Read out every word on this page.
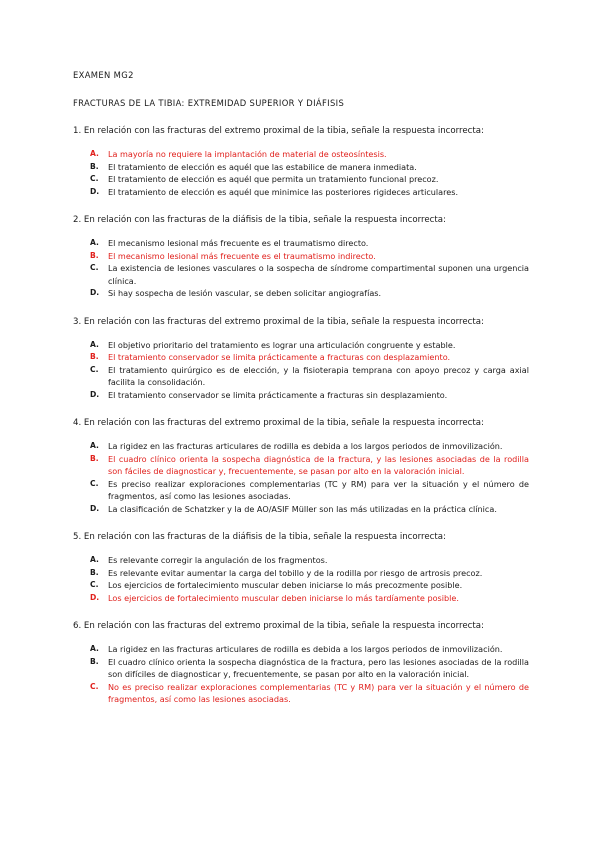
EXAMEN MG2

FRACTURAS DE LA TIBIA: EXTREMIDAD SUPERIOR Y DIÁFISIS

1. En relación con las fracturas del extremo proximal de la tibia, señale la respuesta incorrecta:

A.	La mayoría no requiere la implantación de material de osteosíntesis.
B.	El tratamiento de elección es aquél que las estabilice de manera inmediata.
C.	El tratamiento de elección es aquél que permita un tratamiento funcional precoz.
D.	El tratamiento de elección es aquél que minimice las posteriores rigideces articulares.

2. En relación con las fracturas de la diáfisis de la tibia, señale la respuesta incorrecta:

A.	El mecanismo lesional más frecuente es el traumatismo directo.
B.	El mecanismo lesional más frecuente es el traumatismo indirecto.
C.	La existencia de lesiones vasculares o la sospecha de síndrome compartimental suponen una urgencia clínica.
D.	Si hay sospecha de lesión vascular, se deben solicitar angiografías.

3. En relación con las fracturas del extremo proximal de la tibia, señale la respuesta incorrecta:

A.	El objetivo prioritario del tratamiento es lograr una articulación congruente y estable.
B.	El tratamiento conservador se limita prácticamente a fracturas con desplazamiento.
C.	El tratamiento quirúrgico es de elección, y la fisioterapia temprana con apoyo precoz y carga axial facilita la consolidación.
D.	El tratamiento conservador se limita prácticamente a fracturas sin desplazamiento.

4. En relación con las fracturas del extremo proximal de la tibia, señale la respuesta incorrecta:

A.	La rigidez en las fracturas articulares de rodilla es debida a los largos periodos de inmovilización.
B.	El cuadro clínico orienta la sospecha diagnóstica de la fractura, y las lesiones asociadas de la rodilla son fáciles de diagnosticar y, frecuentemente, se pasan por alto en la valoración inicial.
C.	Es preciso realizar exploraciones complementarias (TC y RM) para ver la situación y el número de fragmentos, así como las lesiones asociadas.
D.	La clasificación de Schatzker y la de AO/ASIF Müller son las más utilizadas en la práctica clínica.

5. En relación con las fracturas de la diáfisis de la tibia, señale la respuesta incorrecta:

A.	Es relevante corregir la angulación de los fragmentos.
B.	Es relevante evitar aumentar la carga del tobillo y de la rodilla por riesgo de artrosis precoz.
C.	Los ejercicios de fortalecimiento muscular deben iniciarse lo más precozmente posible.
D.	Los ejercicios de fortalecimiento muscular deben iniciarse lo más tardíamente posible.

6. En relación con las fracturas del extremo proximal de la tibia, señale la respuesta incorrecta:

A.	La rigidez en las fracturas articulares de rodilla es debida a los largos periodos de inmovilización.
B.	El cuadro clínico orienta la sospecha diagnóstica de la fractura, pero las lesiones asociadas de la rodilla son difíciles de diagnosticar y, frecuentemente, se pasan por alto en la valoración inicial.
C.	No es preciso realizar exploraciones complementarias (TC y RM) para ver la situación y el número de fragmentos, así como las lesiones asociadas.
